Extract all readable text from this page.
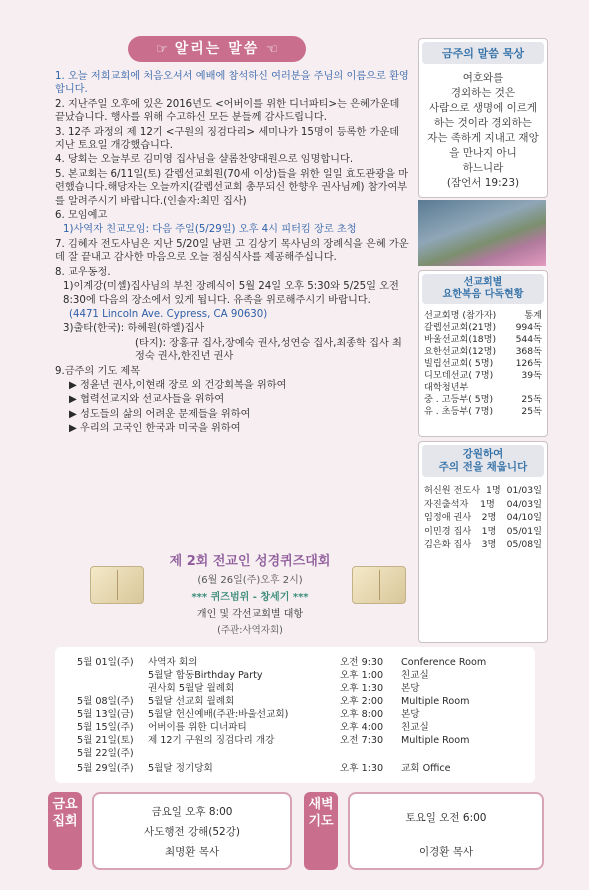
☞ 알리는 말씀 ☜

1. 오늘 저희교회에 처음오셔서 예배에 참석하신 여러분을 주님의 이름으로 환영합니다.

2. 지난주일 오후에 있은 2016년도 <어버이를 위한 디너파티>는 은혜가운데 끝났습니다. 행사를 위해 수고하신 모든 분들께 감사드립니다.

3. 12주 과정의 제 12기 <구원의 징검다리> 세미나가 15명이 등록한 가운데 지난 토요일 개강했습니다.

4. 당회는 오늘부로 김미영 집사님을 샬롬찬양대원으로 임명합니다.

5. 본교회는 6/11일(토) 갈렙선교회원(70세 이상)들을 위한 일일 효도관광을 마련했습니다.해당자는 오늘까지(갈렙선교회 총무되신 한향우 권사님께) 참가여부를 알려주시기 바랍니다.(인솔자:최민 집사)

6. 모임예고

1)사역자 친교모임: 다음 주일(5/29일) 오후 4시 피터킴 장로 초청

7. 김혜자 전도사님은 지난 5/20일 남편 고 김상기 목사님의 장례식을 은혜 가운데 잘 끝내고 감사한 마음으로 오늘 점심식사를 제공해주십니다.

8. 교우동정.

1)이계강(미셸)집사님의 부친 장례식이 5월 24일 오후 5:30와 5/25일 오전 8:30에 다음의 장소에서 있게 됩니다. 유족을 위로해주시기 바랍니다.

(4471 Lincoln Ave. Cypress, CA 90630)

3)출타(한국): 하혜원(하엘)집사

(타지): 장홍규 집사,장예숙 권사,성연승 집사,최종학 집사 최정숙 권사,한진년 권사

9.금주의 기도 제목

▶ 정윤년 권사,이현래 장로 외 건강회복을 위하여

▶ 협력선교지와 선교사들을 위하여

▶ 성도들의 삶의 어려운 문제들을 위하여

▶ 우리의 고국인 한국과 미국을 위하여

제 2회 전교인 성경퀴즈대회
(6월 26일(주)오후 2시)
*** 퀴즈범위 - 창세기 ***
개인 및 각선교회별 대항
(주관:사역자회)
금주의 말씀 묵상
여호와를
경외하는 것은
사람으로 생명에 이르게
하는 것이라 경외하는
자는 족하게 지내고 재앙
을 만나지 아니
하느니라
(잠언서 19:23)
선교회별
요한복음 다독현황
선교회명 (참가자)	통계
갈렙선교회(21명) 994독
바울선교회(18명) 544독
요한선교회(12명) 368독
빌립선교회( 5명) 126독
디모데선교( 7명)	39독
대학청년부
중 . 고등부( 5명)	25독
유 . 초등부( 7명)	25독
강원하여
주의 전을 채웁니다
허신원 전도사 1명 01/03일
자진출석자 1명 04/03일
임정애 권사 2명 04/10일
이민경 집사 1명 05/01일
김은화 집사 3명 05/08일
5월 01일(주) 사역자 회의	오전 9:30 Conference Room
5월달 합동Birthday Party	오후 1:00 친교실
권사회 5월달 월례회	오후 1:30 본당
5월 08일(주) 5월달 선교회 월례회	오후 2:00 Multiple Room
5월 13일(금) 5월달 헌신예배(주관:바울선교회)	오후 8:00 본당
5월 15일(주) 어버이를 위한 디너파티	오후 4:00 친교실
5월 21일(토) 제 12기 구원의 징검다리 개강	오전 7:30 Multiple Room
5월 22일(주)
5월 29일(주) 5월달 정기당회	오후 1:30 교회 Office
금요집회
금요일 오후 8:00
사도행전 강해(52강)
최명환 목사
새벽기도	토요일 오전 6:00
이경환 목사
